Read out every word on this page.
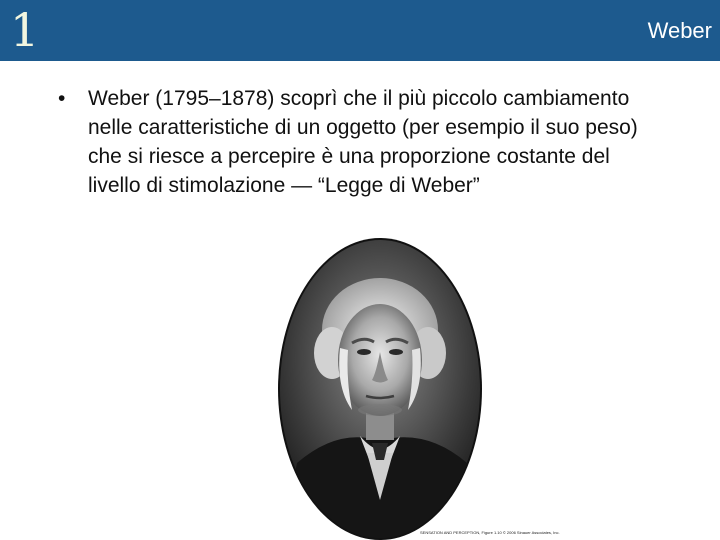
1	Weber
•	Weber (1795–1878) scoprì che il più piccolo cambiamento nelle caratteristiche di un oggetto (per esempio il suo peso) che si riesce a percepire è una proporzione costante del livello di stimolazione — “Legge di Weber”
SENSATION AND PERCEPTION, Figure 1.10 © 2006 Sinauer Associates, Inc.
